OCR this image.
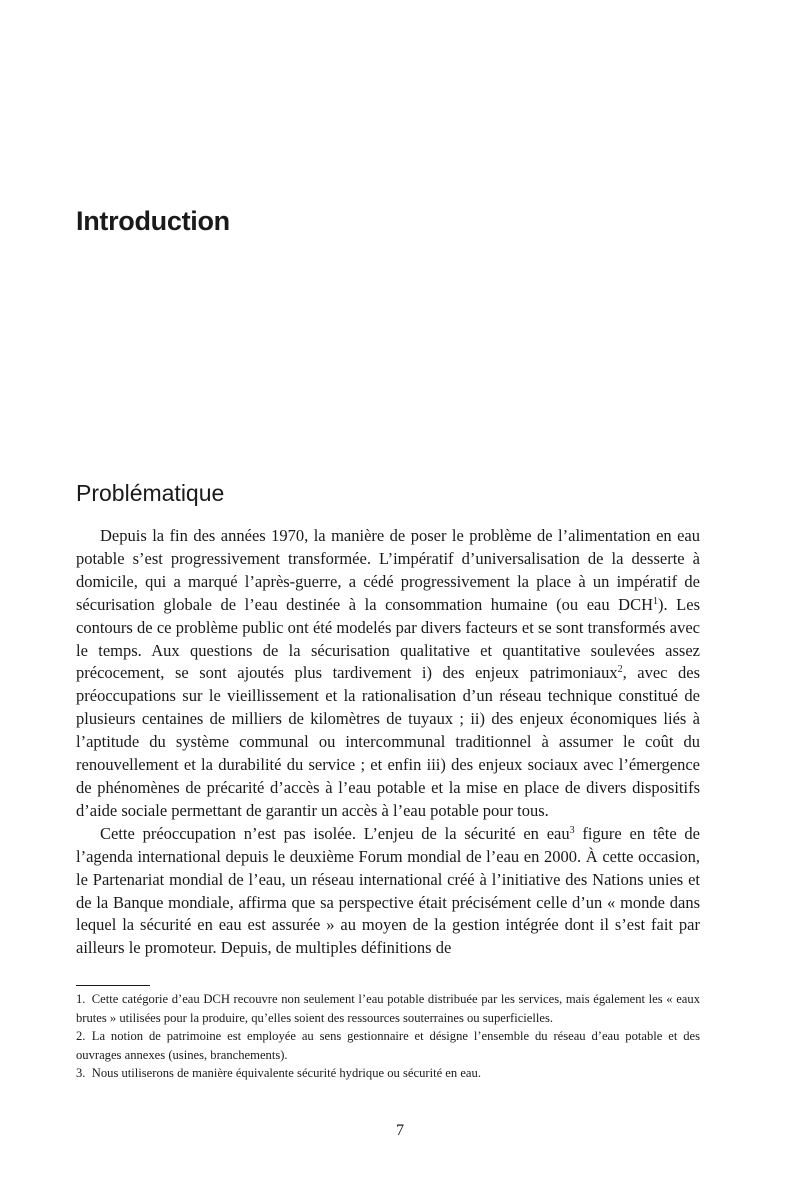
Introduction
Problématique

Depuis la fin des années 1970, la manière de poser le problème de l’alimentation en eau potable s’est progressivement transformée. L’impératif d’universalisation de la desserte à domicile, qui a marqué l’après-guerre, a cédé progressivement la place à un impératif de sécurisation globale de l’eau destinée à la consommation humaine (ou eau DCH$^1$). Les contours de ce problème public ont été modelés par divers facteurs et se sont transformés avec le temps. Aux questions de la sécurisation qualitative et quantitative soulevées assez précocement, se sont ajoutés plus tardivement i) des enjeux patrimoniaux$^2$, avec des préoccupations sur le vieillissement et la rationalisation d’un réseau technique constitué de plusieurs centaines de milliers de kilomètres de tuyaux ; ii) des enjeux économiques liés à l’aptitude du système communal ou intercommunal traditionnel à assumer le coût du renouvellement et la durabilité du service ; et enfin iii) des enjeux sociaux avec l’émergence de phénomènes de précarité d’accès à l’eau potable et la mise en place de divers dispositifs d’aide sociale permettant de garantir un accès à l’eau potable pour tous.

Cette préoccupation n’est pas isolée. L’enjeu de la sécurité en eau$^3$ figure en tête de l’agenda international depuis le deuxième Forum mondial de l’eau en 2000. À cette occasion, le Partenariat mondial de l’eau, un réseau international créé à l’initiative des Nations unies et de la Banque mondiale, affirma que sa perspective était précisément celle d’un « monde dans lequel la sécurité en eau est assurée » au moyen de la gestion intégrée dont il s’est fait par ailleurs le promoteur. Depuis, de multiples définitions de

1. Cette catégorie d’eau DCH recouvre non seulement l’eau potable distribuée par les services, mais également les « eaux brutes » utilisées pour la produire, qu’elles soient des ressources souterraines ou superficielles.

2. La notion de patrimoine est employée au sens gestionnaire et désigne l’ensemble du réseau d’eau potable et des ouvrages annexes (usines, branchements).

3. Nous utiliserons de manière équivalente sécurité hydrique ou sécurité en eau.

7
